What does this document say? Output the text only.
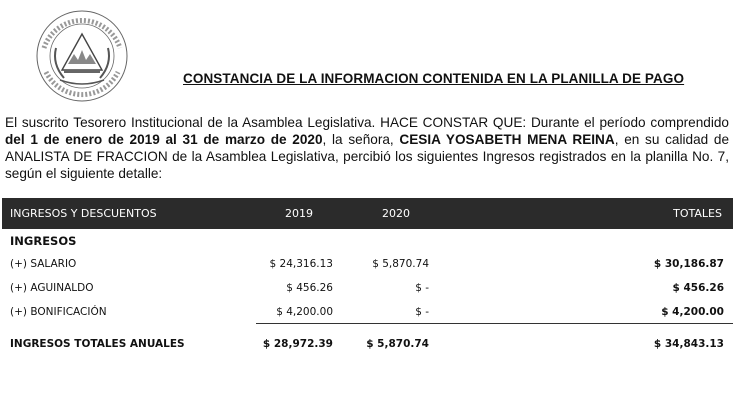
CONSTANCIA DE LA INFORMACION CONTENIDA EN LA PLANILLA DE PAGO
El suscrito Tesorero Institucional de la Asamblea Legislativa. HACE CONSTAR QUE: Durante el período comprendido del 1 de enero de 2019 al 31 de marzo de 2020, la señora, CESIA YOSABETH MENA REINA, en su calidad de ANALISTA DE FRACCION de la Asamblea Legislativa, percibió los siguientes Ingresos registrados en la planilla No. 7, según el siguiente detalle:
INGRESOS Y DESCUENTOS	2019	2020	TOTALES
INGRESOS
(+) SALARIO	$ 24,316.13	$ 5,870.74	$ 30,186.87
(+) AGUINALDO	$ 456.26	$ -	$ 456.26
(+) BONIFICACIÓN	$ 4,200.00	$ -	$ 4,200.00
INGRESOS TOTALES ANUALES	$ 28,972.39	$ 5,870.74	$ 34,843.13
